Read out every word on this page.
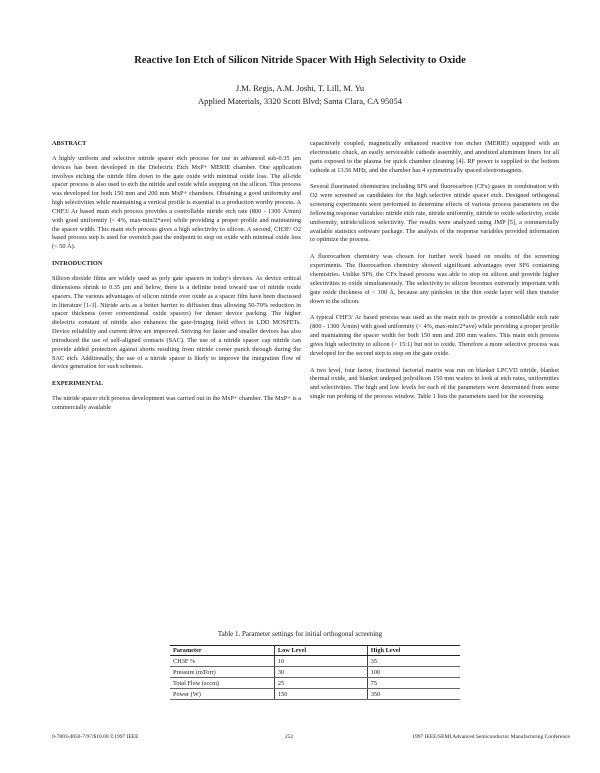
Reactive Ion Etch of Silicon Nitride Spacer With High Selectivity to Oxide
J.M. Regis, A.M. Joshi, T. Lill, M. Yu
Applied Materials, 3320 Scott Blvd; Santa Clara, CA 95054
ABSTRACT
A highly uniform and selective nitride spacer etch process for use in advanced sub-0.35 µm devices has been developed in the Dielectric Etch MxP+ MERIE chamber. One application involves etching the nitride film down to the gate oxide with minimal oxide loss. The all-ride spacer process is also used to etch the nitride and oxide while stopping on the silicon. This process was developed for both 150 mm and 200 mm MxP+ chambers. Obtaining a good uniformity and high selectivities while maintaining a vertical profile is essential to a production worthy process. A CHF3/ Ar based main etch process provides a controllable nitride etch rate (800 - 1300 Å/min) with good uniformity (< 4%, max-min/2*ave) while providing a proper profile and maintaining the spacer width. This main etch process gives a high selectivity to silicon. A second, CH3F/ O2 based process step is used for overetch past the endpoint to stop on oxide with minimal oxide loss (< 50 Å).
INTRODUCTION
Silicon dioxide films are widely used as poly gate spacers in today's devices. As device critical dimensions shrink to 0.35 µm and below, there is a definite trend toward use of nitride oxide spacers. The various advantages of silicon nitride over oxide as a spacer film have been discussed in literature [1-3]. Nitride acts as a better barrier to diffusion thus allowing 50-70% reduction in spacer thickness (over conventional oxide spacers) for denser device packing. The higher dielectric constant of nitride also enhances the gate-fringing field effect in LDD MOSFETs. Device reliability and current drive are improved. Striving for faster and smaller devices has also introduced the use of self-aligned contacts (SAC). The use of a nitride spacer cap nitride can provide added protection against shorts resulting from nitride corner punch through during the SAC etch. Additionally, the use of a nitride spacer is likely to improve the integration flow of device generation for such schemes.
EXPERIMENTAL
The nitride spacer etch process development was carried out in the MxP+ chamber. The MxP+ is a commercially available
capacitively coupled, magnetically enhanced reactive ion etcher (MERIE) equipped with an electrostatic chuck, an easily serviceable cathode assembly, and anodized aluminum liners for all parts exposed to the plasma for quick chamber cleaning [4]. RF power is supplied to the bottom cathode at 13.56 MHz, and the chamber has 4 symmetrically spaced electromagnets.
Several fluorinated chemistries including SF6 and fluorocarbon (CFx) gases in combination with O2 were screened as candidates for the high selective nitride spacer etch. Designed orthogonal screening experiments were performed to determine effects of various process parameters on the following response variables: nitride etch rate, nitride uniformity, nitride to oxide selectivity, oxide uniformity, nitride/silicon selectivity. The results were analyzed using JMP [5], a commercially available statistics software package. The analysis of the response variables provided information to optimize the process.
A fluorocarbon chemistry was chosen for further work based on results of the screening experiments. The fluorocarbon chemistry showed significant advantages over SF6 containing chemistries. Unlike SF6, the CFx based process was able to stop on silicon and provide higher selectivities to oxide simultaneously. The selectivity to silicon becomes extremely important with gate oxide thickness of < 100 Å, because any pinholes in the thin oxide layer will then transfer down to the silicon.
A typical CHF3/ Ar based process was used as the main etch to provide a controllable etch rate (800 - 1300 Å/min) with good uniformity (< 4%, max-min/2*ave) while providing a proper profile and maintaining the spacer width for both 150 mm and 200 mm wafers. This main etch process gives high selectivity to silicon (> 15:1) but not to oxide. Therefore a more selective process was developed for the second step to stop on the gate oxide.
A two level, four factor, fractional factorial matrix was run on blanket LPCVD nitride, blanket thermal oxide, and blanket undoped polysilicon 150 mm wafers to look at etch rates, uniformities and selectivities. The high and low levels for each of the parameters were determined from some single run probing of the process window. Table 1 lists the parameters used for the screening.
Table 1. Parameter settings for initial orthogonal screening
Parameter	Low Level	High Level
CH3F %	10	35
Pressure (mTorr)	30	100
Total Flow (sccm)	25	75
Power (W)	150	350
0-7803-4050-7/97/$10.00 ©1997 IEEE	252	1997 IEEE/SEMI Advanced Semiconductor Manufacturing Conference
